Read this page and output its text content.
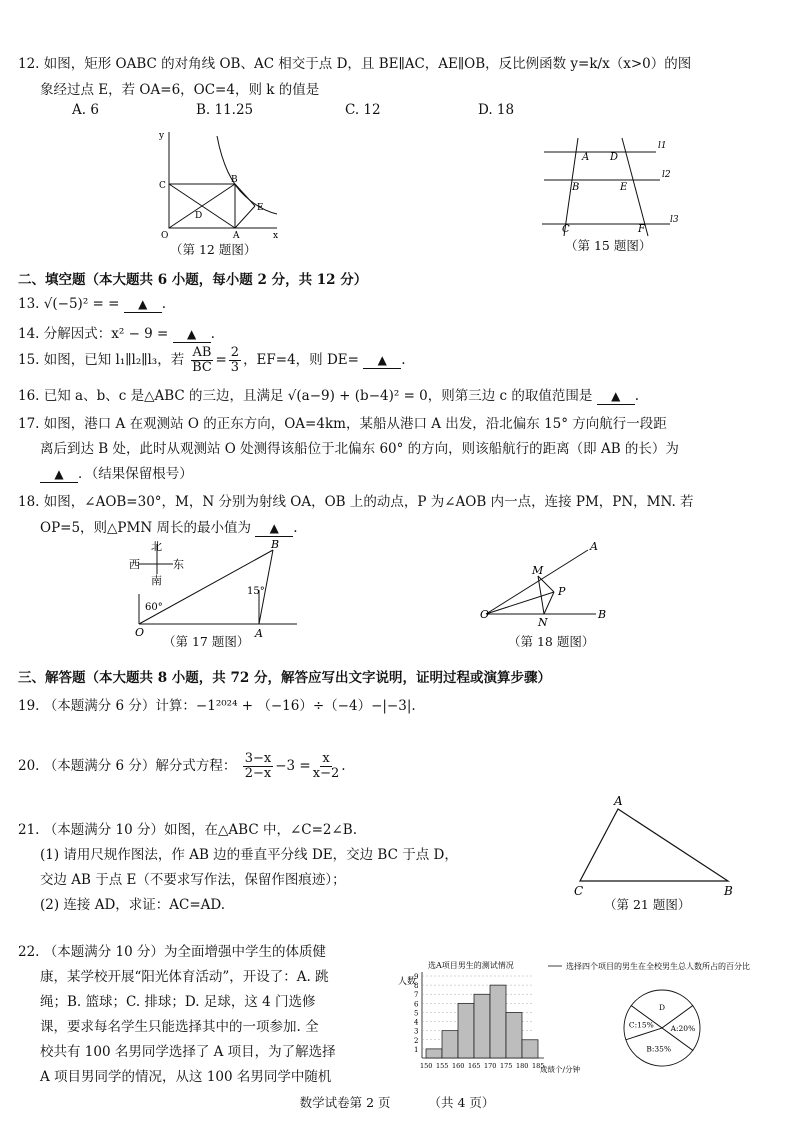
12. 如图，矩形 OABC 的对角线 OB、AC 相交于点 D，且 BE∥AC，AE∥OB，反比例函数 y=k/x（x>0）的图
象经过点 E，若 OA=6，OC=4，则 k 的值是
A. 6	B. 11.25	C. 12	D. 18
y
x
O	A
B
C
D
E
（第 12 题图）
A D
B	E
C	F
l1
l2
l3
（第 15 题图）
二、填空题（本大题共 6 小题，每小题 2 分，共 12 分）
13. √(−5)² = = ▲ .
14. 分解因式：x² − 9 = ▲ .
15. 如图，已知 l₁∥l₂∥l₃，若 $\frac{AB}{BC} = \frac{2}{3}$ ，EF=4，则 DE= ▲ .
16. 已知 a、b、c 是△ABC 的三边，且满足 √(a−9) + (b−4)² = 0，则第三边 c 的取值范围是 ▲ .
17. 如图，港口 A 在观测站 O 的正东方向，OA=4km，某船从港口 A 出发，沿北偏东 15° 方向航行一段距
离后到达 B 处，此时从观测站 O 处测得该船位于北偏东 60° 的方向，则该船航行的距离（即 AB 的长）为
▲ ．（结果保留根号）
18. 如图，∠AOB=30°，M，N 分别为射线 OA，OB 上的动点，P 为∠AOB 内一点，连接 PM，PN，MN. 若
OP=5，则△PMN 周长的最小值为 ▲ .
北
西	东
南
60°
15°
O	A
B
（第 17 题图）
O
A
B
M
N
P
（第 18 题图）
三、解答题（本大题共 8 小题，共 72 分，解答应写出文字说明，证明过程或演算步骤）
19. （本题满分 6 分）计算：−1²⁰²⁴ + （−16）÷（−4）−|−3|.
20. （本题满分 6 分）解分式方程： $\frac{3-x}{2-x} -3 = \frac{x}{x-2}$ .
21. （本题满分 10 分）如图，在△ABC 中，∠C=2∠B.
(1) 请用尺规作图法，作 AB 边的垂直平分线 DE，交边 BC 于点 D，
交边 AB 于点 E（不要求写作法，保留作图痕迹）；
(2) 连接 AD，求证：AC=AD.
A
C	B
（第 21 题图）
22. （本题满分 10 分）为全面增强中学生的体质健
康，某学校开展“阳光体育活动”，开设了：A. 跳
绳；B. 篮球；C. 排球；D. 足球，这 4 门选修
课，要求每名学生只能选择其中的一项参加. 全
校共有 100 名男同学选择了 A 项目，为了解选择
A 项目男同学的情况，从这 100 名男同学中随机
选A项目男生的测试情况
人数
成绩个/分钟
1
2
3
4
5
6
7
8
9
150 155 160 165 170 175 180 185
选择四个项目的男生在全校男生总人数所占的百分比
D
A:20%
B:35%
C:15%
数学试卷第 2 页	（共 4 页）
